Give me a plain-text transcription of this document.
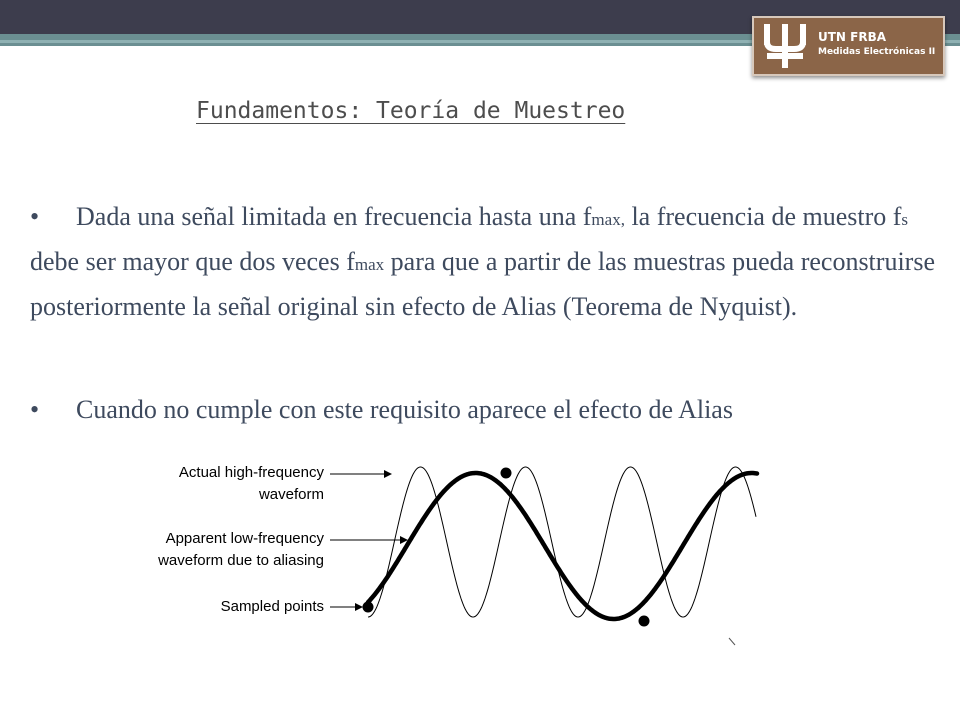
UTN FRBA
Medidas Electrónicas II
Fundamentos: Teoría de Muestreo
• Dada una señal limitada en frecuencia hasta una fmax, la frecuencia de muestro fs debe ser mayor que dos veces fmax para que a partir de las muestras pueda reconstruirse posteriormente la señal original sin efecto de Alias (Teorema de Nyquist).
• Cuando no cumple con este requisito aparece el efecto de Alias
Actual high-frequency
waveform
Apparent low-frequency
waveform due to aliasing
Sampled points
